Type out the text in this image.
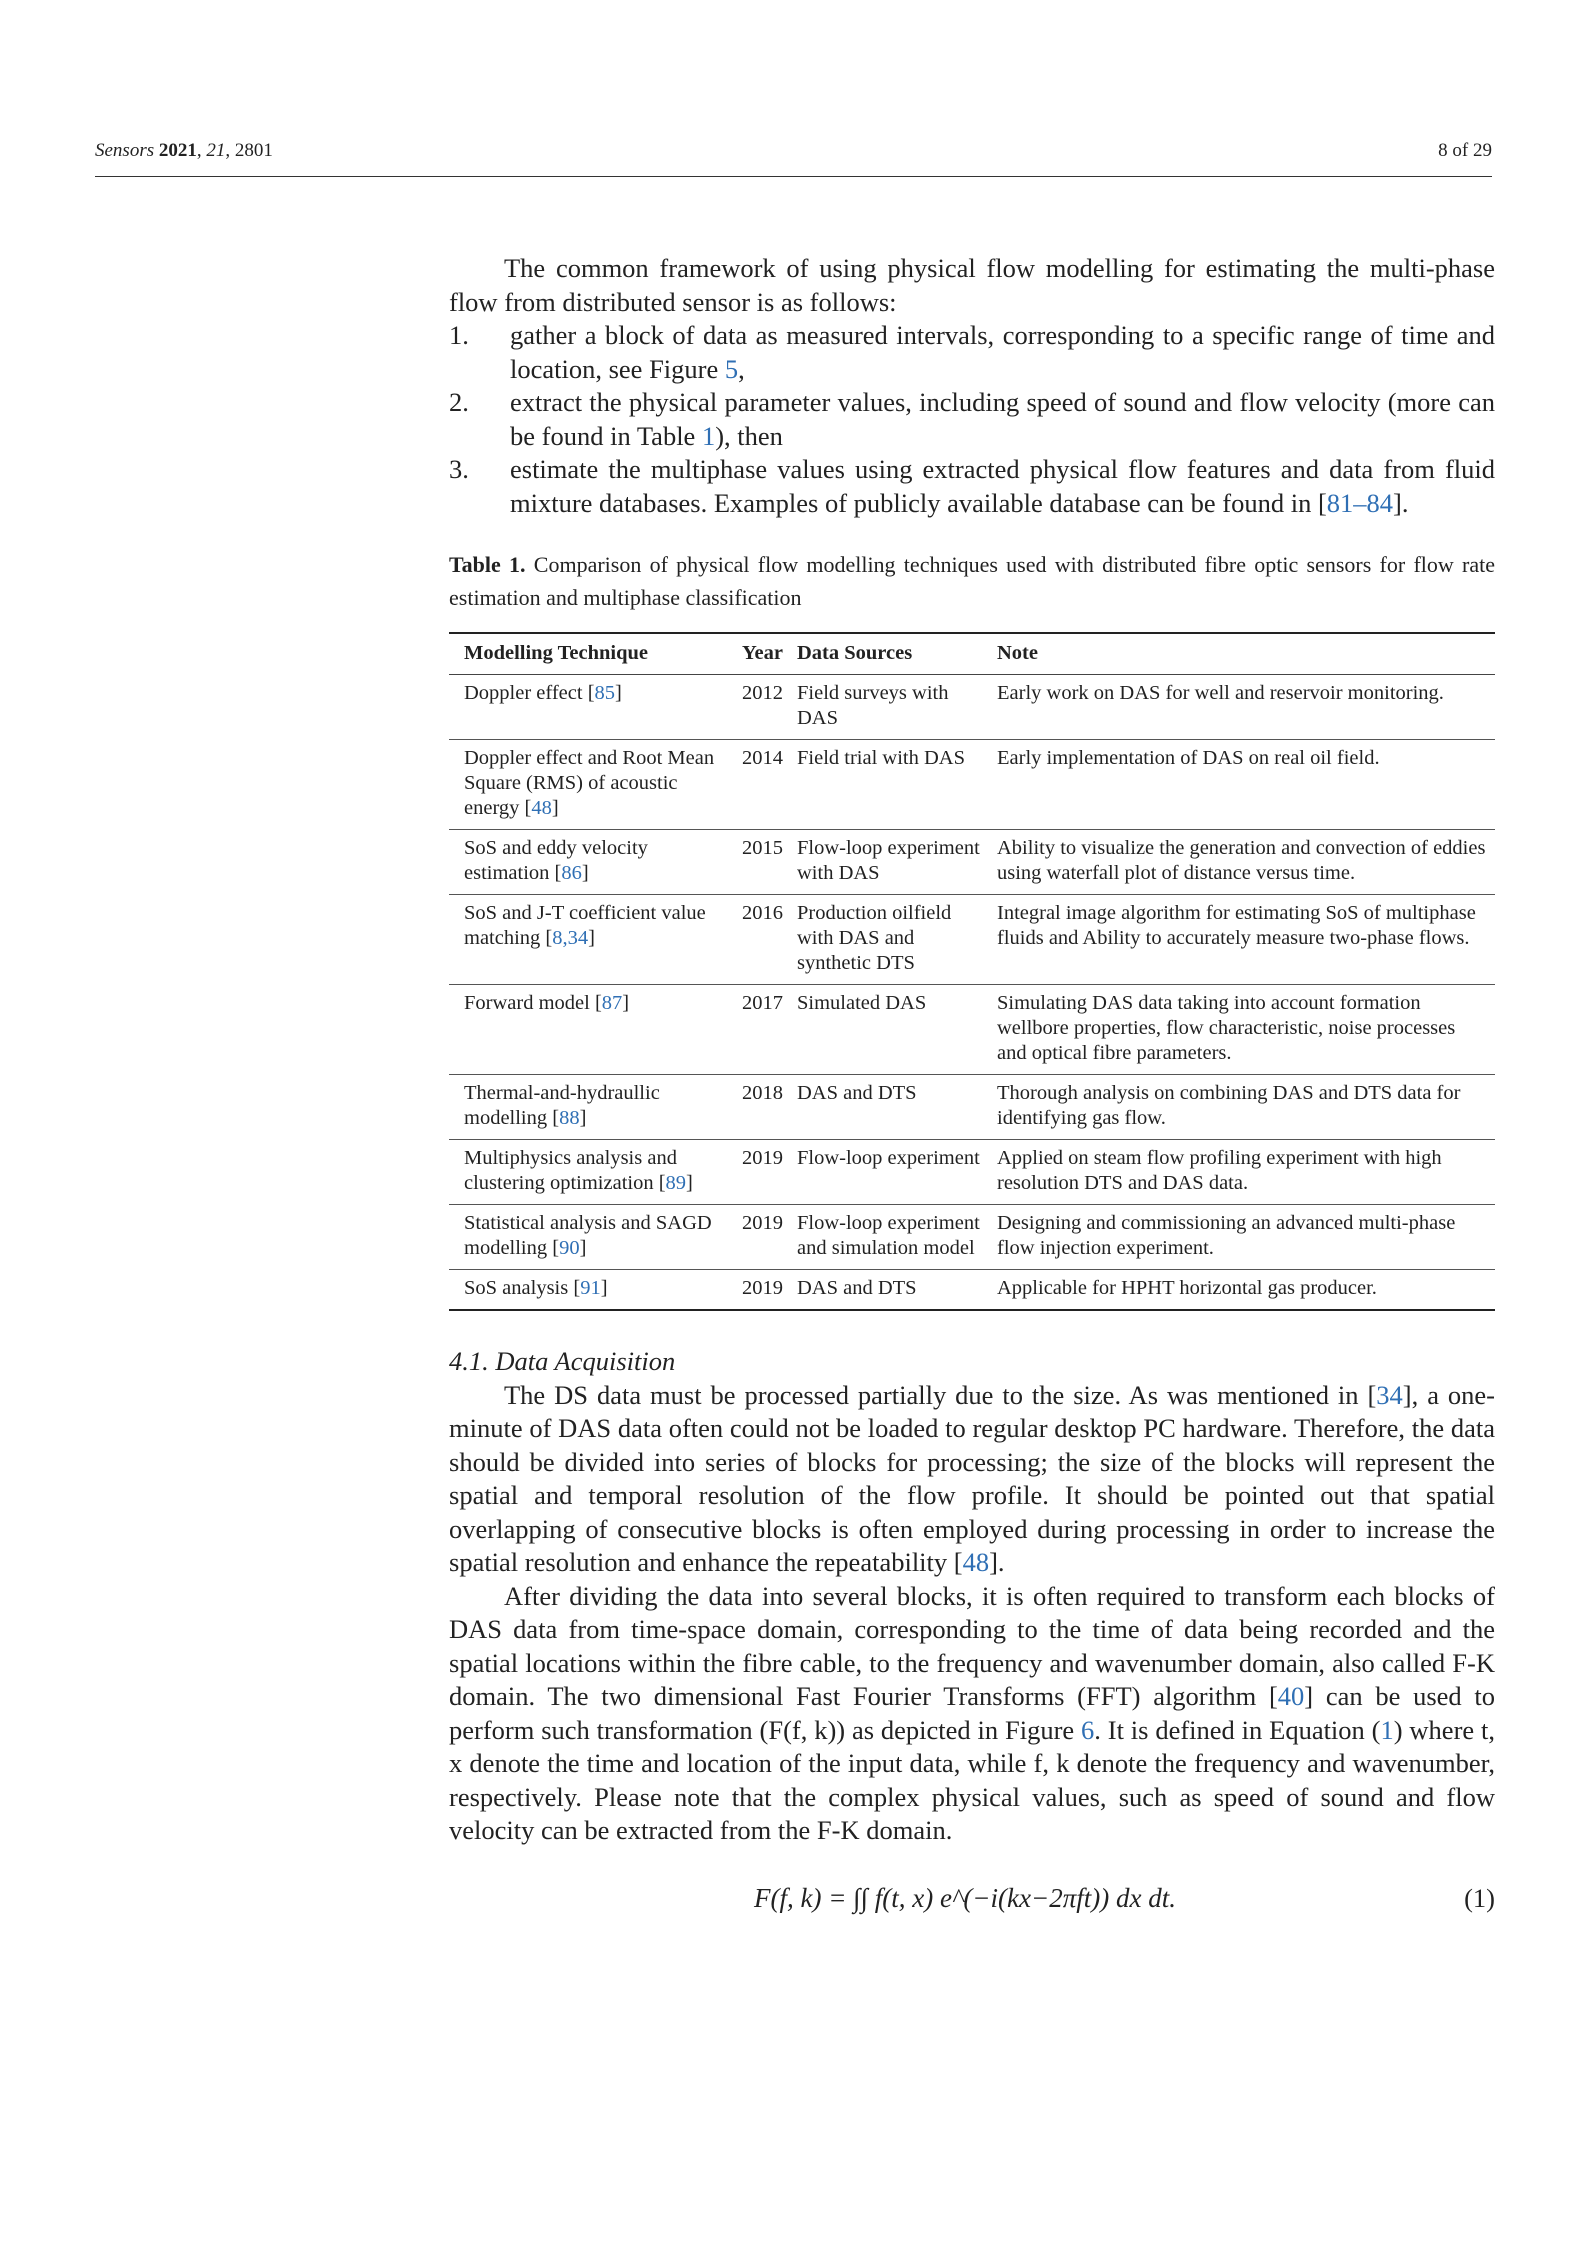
Sensors 2021, 21, 2801	8 of 29

The common framework of using physical flow modelling for estimating the multi-phase flow from distributed sensor is as follows:

1. gather a block of data as measured intervals, corresponding to a specific range of time and location, see Figure 5,
2. extract the physical parameter values, including speed of sound and flow velocity (more can be found in Table 1), then
3. estimate the multiphase values using extracted physical flow features and data from fluid mixture databases. Examples of publicly available database can be found in [81–84].
Table 1. Comparison of physical flow modelling techniques used with distributed fibre optic sensors for flow rate estimation and multiphase classification
Modelling Technique	Year	Data Sources	Note
Doppler effect [85]	2012	Field surveys with DAS	Early work on DAS for well and reservoir monitoring.
Doppler effect and Root Mean Square (RMS) of acoustic energy [48]	2014	Field trial with DAS	Early implementation of DAS on real oil field.
SoS and eddy velocity estimation [86]	2015	Flow-loop experiment with DAS	Ability to visualize the generation and convection of eddies using waterfall plot of distance versus time.
SoS and J-T coefficient value matching [8,34]	2016	Production oilfield with DAS and synthetic DTS	Integral image algorithm for estimating SoS of multiphase fluids and Ability to accurately measure two-phase flows.
Forward model [87]	2017	Simulated DAS	Simulating DAS data taking into account formation wellbore properties, flow characteristic, noise processes and optical fibre parameters.
Thermal-and-hydraullic modelling [88]	2018	DAS and DTS	Thorough analysis on combining DAS and DTS data for identifying gas flow.
Multiphysics analysis and clustering optimization [89]	2019	Flow-loop experiment	Applied on steam flow profiling experiment with high resolution DTS and DAS data.
Statistical analysis and SAGD modelling [90]	2019	Flow-loop experiment and simulation model	Designing and commissioning an advanced multi-phase flow injection experiment.
SoS analysis [91]	2019	DAS and DTS	Applicable for HPHT horizontal gas producer.
4.1. Data Acquisition

The DS data must be processed partially due to the size. As was mentioned in [34], a one-minute of DAS data often could not be loaded to regular desktop PC hardware. Therefore, the data should be divided into series of blocks for processing; the size of the blocks will represent the spatial and temporal resolution of the flow profile. It should be pointed out that spatial overlapping of consecutive blocks is often employed during processing in order to increase the spatial resolution and enhance the repeatability [48].

After dividing the data into several blocks, it is often required to transform each blocks of DAS data from time-space domain, corresponding to the time of data being recorded and the spatial locations within the fibre cable, to the frequency and wavenumber domain, also called F-K domain. The two dimensional Fast Fourier Transforms (FFT) algorithm [40] can be used to perform such transformation (F(f, k)) as depicted in Figure 6. It is defined in Equation (1) where t, x denote the time and location of the input data, while f, k denote the frequency and wavenumber, respectively. Please note that the complex physical values, such as speed of sound and flow velocity can be extracted from the F-K domain.

F(f, k) = ∫∫ f(t, x) e^(−i(kx−2πft)) dx dt.	(1)
